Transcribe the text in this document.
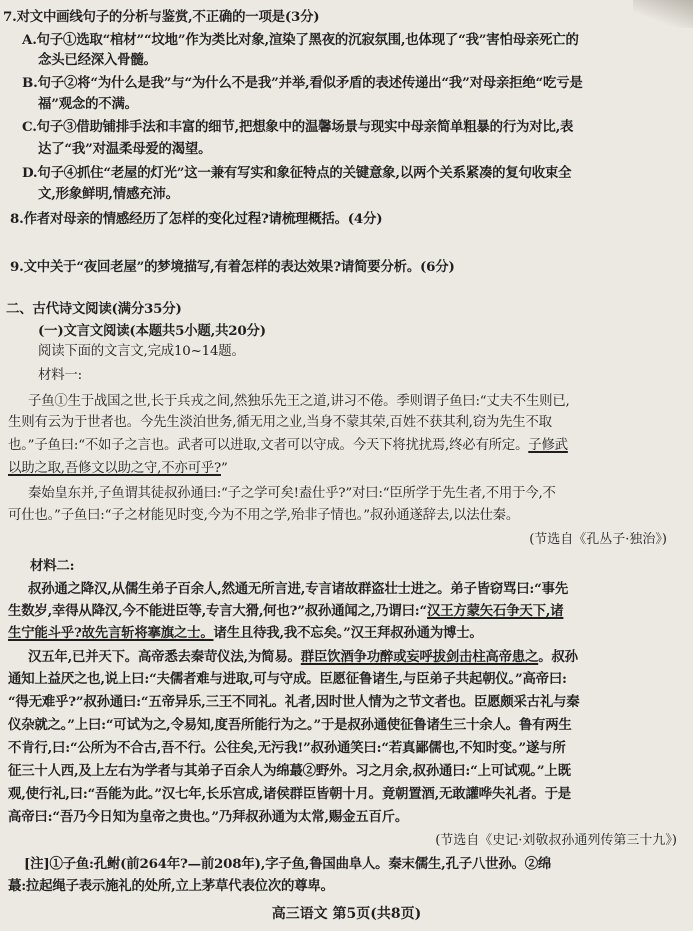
7.对文中画线句子的分析与鉴赏,不正确的一项是(3分)
A.句子①选取“棺材”“坟地”作为类比对象,渲染了黑夜的沉寂氛围,也体现了“我”害怕母亲死亡的
念头已经深入骨髓。
B.句子②将“为什么是我”与“为什么不是我”并举,看似矛盾的表述传递出“我”对母亲拒绝“吃亏是
福”观念的不满。
C.句子③借助铺排手法和丰富的细节,把想象中的温馨场景与现实中母亲简单粗暴的行为对比,表
达了“我”对温柔母爱的渴望。
D.句子④抓住“老屋的灯光”这一兼有写实和象征特点的关键意象,以两个关系紧凑的复句收束全
文,形象鲜明,情感充沛。
8.作者对母亲的情感经历了怎样的变化过程?请梳理概括。(4分)
9.文中关于“夜回老屋”的梦境描写,有着怎样的表达效果?请简要分析。(6分)
二、古代诗文阅读(满分35分)
(一)文言文阅读(本题共5小题,共20分)
阅读下面的文言文,完成10~14题。
材料一:
子鱼①生于战国之世,长于兵戎之间,然独乐先王之道,讲习不倦。季则谓子鱼曰:“丈夫不生则已,
生则有云为于世者也。今先生淡泊世务,循无用之业,当身不蒙其荣,百姓不获其利,窃为先生不取
也。”子鱼曰:“不如子之言也。武者可以进取,文者可以守成。今天下将扰扰焉,终必有所定。子修武
以助之取,吾修文以助之守,不亦可乎?”
秦始皇东并,子鱼谓其徒叔孙通曰:“子之学可矣!盍仕乎?”对曰:“臣所学于先生者,不用于今,不
可仕也。”子鱼曰:“子之材能见时变,今为不用之学,殆非子情也。”叔孙通遂辞去,以法仕秦。
(节选自《孔丛子·独治》)
材料二:
叔孙通之降汉,从儒生弟子百余人,然通无所言进,专言诸故群盗壮士进之。弟子皆窃骂曰:“事先
生数岁,幸得从降汉,今不能进臣等,专言大猾,何也?”叔孙通闻之,乃谓曰:“汉王方蒙矢石争天下,诸
生宁能斗乎?故先言斩将搴旗之士。诸生且待我,我不忘矣。”汉王拜叔孙通为博士。
汉五年,已并天下。高帝悉去秦苛仪法,为简易。群臣饮酒争功醉或妄呼拔剑击柱高帝患之。叔孙
通知上益厌之也,说上曰:“夫儒者难与进取,可与守成。臣愿征鲁诸生,与臣弟子共起朝仪。”高帝曰:
“得无难乎?”叔孙通曰:“五帝异乐,三王不同礼。礼者,因时世人情为之节文者也。臣愿颇采古礼与秦
仪杂就之。”上曰:“可试为之,令易知,度吾所能行为之。”于是叔孙通使征鲁诸生三十余人。鲁有两生
不肯行,曰:“公所为不合古,吾不行。公往矣,无污我!”叔孙通笑曰:“若真鄙儒也,不知时变。”遂与所
征三十人西,及上左右为学者与其弟子百余人为绵蕞②野外。习之月余,叔孙通曰:“上可试观。”上既
观,使行礼,曰:“吾能为此。”汉七年,长乐宫成,诸侯群臣皆朝十月。竟朝置酒,无敢讙哗失礼者。于是
高帝曰:“吾乃今日知为皇帝之贵也。”乃拜叔孙通为太常,赐金五百斤。
(节选自《史记·刘敬叔孙通列传第三十九》)
[注]①子鱼:孔鲋(前264年?—前208年),字子鱼,鲁国曲阜人。秦末儒生,孔子八世孙。②绵
蕞:拉起绳子表示施礼的处所,立上茅草代表位次的尊卑。
高三语文 第5页(共8页)
